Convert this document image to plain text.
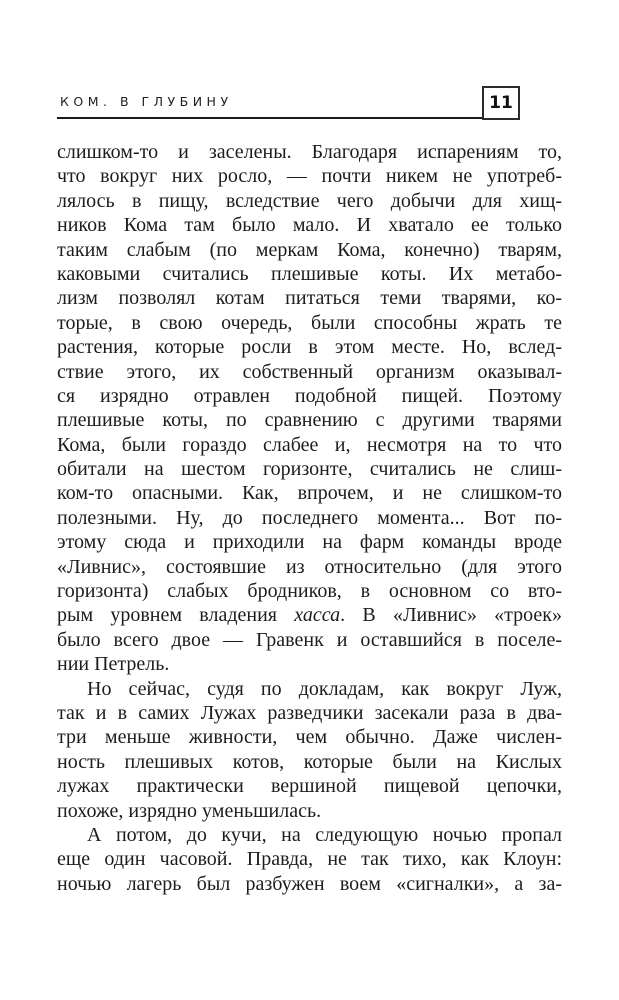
КОМ. В ГЛУБИНУ	11

слишком-то и заселены. Благодаря испарениям то,
что вокруг них росло, — почти никем не употреб-
лялось в пищу, вследствие чего добычи для хищ-
ников Кома там было мало. И хватало ее только
таким слабым (по меркам Кома, конечно) тварям,
каковыми считались плешивые коты. Их метабо-
лизм позволял котам питаться теми тварями, ко-
торые, в свою очередь, были способны жрать те
растения, которые росли в этом месте. Но, вслед-
ствие этого, их собственный организм оказывал-
ся изрядно отравлен подобной пищей. Поэтому
плешивые коты, по сравнению с другими тварями
Кома, были гораздо слабее и, несмотря на то что
обитали на шестом горизонте, считались не слиш-
ком-то опасными. Как, впрочем, и не слишком-то
полезными. Ну, до последнего момента... Вот по-
этому сюда и приходили на фарм команды вроде
«Ливнис», состоявшие из относительно (для этого
горизонта) слабых бродников, в основном со вто-
рым уровнем владения хасса. В «Ливнис» «троек»
было всего двое — Гравенк и оставшийся в поселе-
нии Петрель.

Но сейчас, судя по докладам, как вокруг Луж,
так и в самих Лужах разведчики засекали раза в два-
три меньше живности, чем обычно. Даже числен-
ность плешивых котов, которые были на Кислых
лужах практически вершиной пищевой цепочки,
похоже, изрядно уменьшилась.

А потом, до кучи, на следующую ночью пропал
еще один часовой. Правда, не так тихо, как Клоун:
ночью лагерь был разбужен воем «сигналки», а за-
